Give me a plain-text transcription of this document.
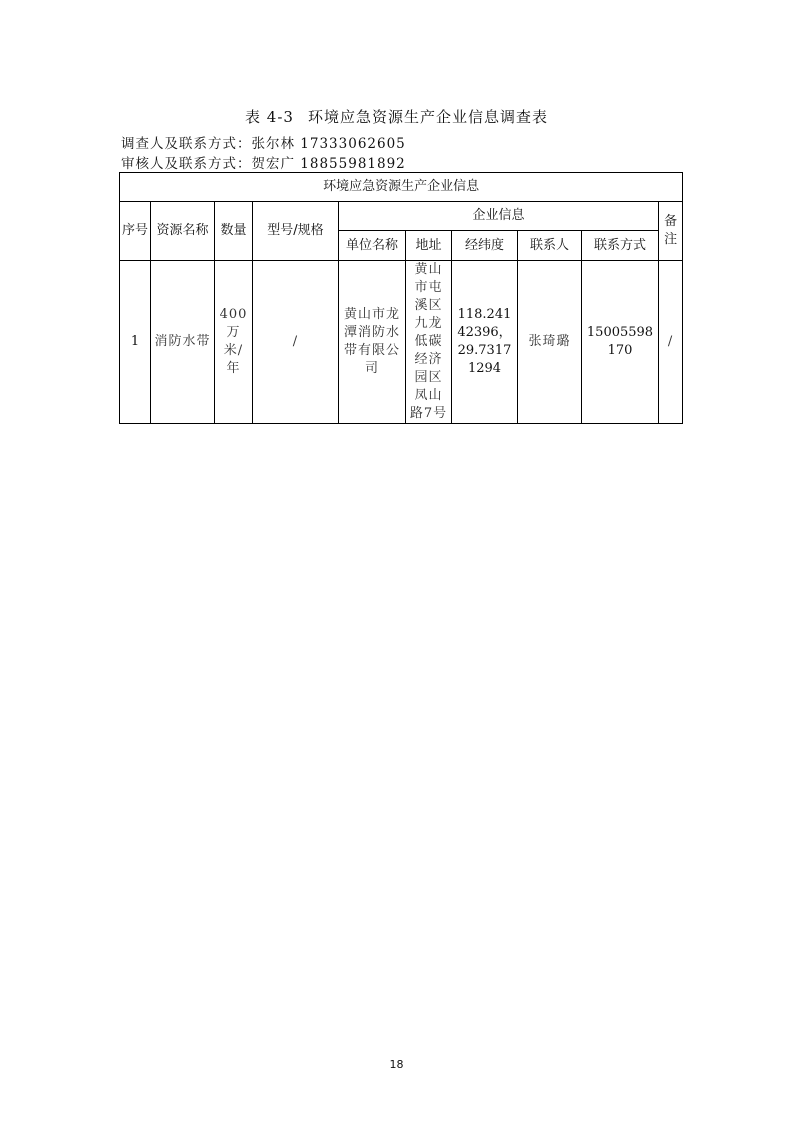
表 4-3 环境应急资源生产企业信息调查表
调查人及联系方式：张尔林 17333062605
审核人及联系方式：贺宏广 18855981892
环境应急资源生产企业信息									
序号	资源名称	数量	型号/规格	企业信息					备注
				单位名称	地址	经纬度	联系人	联系方式	
1	消防水带	400万米/年	/	黄山市龙潭消防水带有限公司	黄山市屯溪区九龙低碳经济园区凤山路7号	118.24142396，29.73171294	张琦璐	15005598170	/
18
